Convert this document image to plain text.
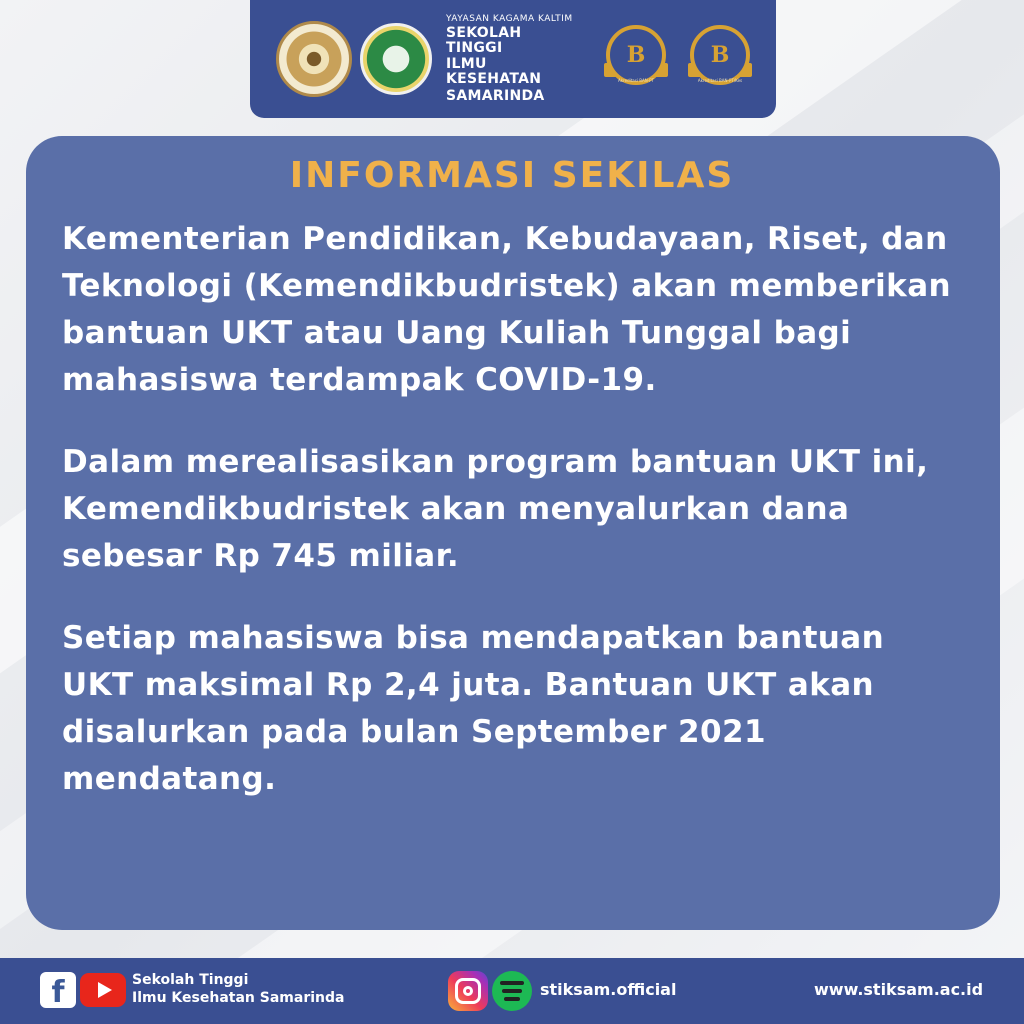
YAYASAN KAGAMA KALTIM
SEKOLAH TINGGI
ILMU KESEHATAN
SAMARINDA
B
Akreditasi BAN-PT
B
Akreditasi BAN-PT/Kes
INFORMASI SEKILAS

Kementerian Pendidikan, Kebudayaan, Riset, dan Teknologi (Kemendikbudristek) akan memberikan bantuan UKT atau Uang Kuliah Tunggal bagi mahasiswa terdampak COVID-19.

Dalam merealisasikan program bantuan UKT ini, Kemendikbudristek akan menyalurkan dana sebesar Rp 745 miliar.

Setiap mahasiswa bisa mendapatkan bantuan UKT maksimal Rp 2,4 juta. Bantuan UKT akan disalurkan pada bulan September 2021 mendatang.

f	Sekolah Tinggi
Ilmu Kesehatan Samarinda	stiksam.official	www.stiksam.ac.id
